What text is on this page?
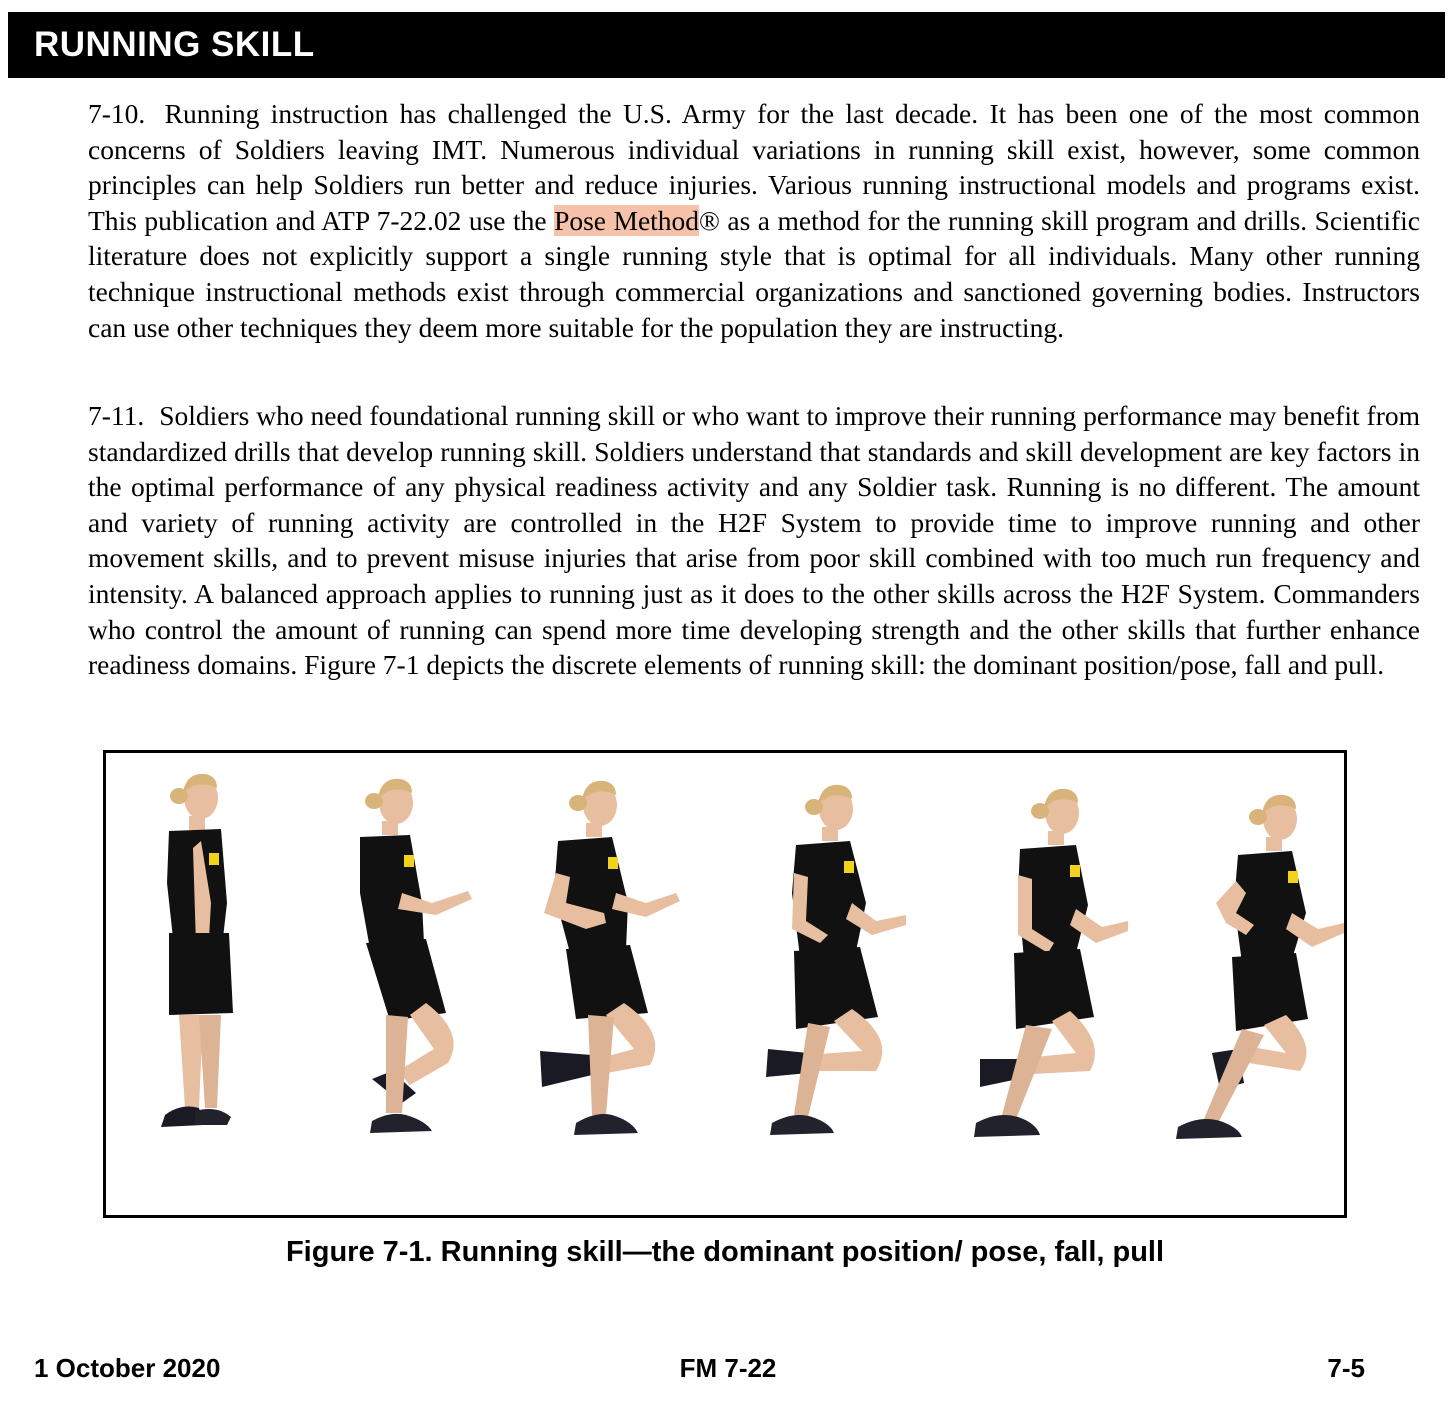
RUNNING SKILL

7-10. Running instruction has challenged the U.S. Army for the last decade. It has been one of the most common concerns of Soldiers leaving IMT. Numerous individual variations in running skill exist, however, some common principles can help Soldiers run better and reduce injuries. Various running instructional models and programs exist. This publication and ATP 7-22.02 use the Pose Method® as a method for the running skill program and drills. Scientific literature does not explicitly support a single running style that is optimal for all individuals. Many other running technique instructional methods exist through commercial organizations and sanctioned governing bodies. Instructors can use other techniques they deem more suitable for the population they are instructing.

7-11. Soldiers who need foundational running skill or who want to improve their running performance may benefit from standardized drills that develop running skill. Soldiers understand that standards and skill development are key factors in the optimal performance of any physical readiness activity and any Soldier task. Running is no different. The amount and variety of running activity are controlled in the H2F System to provide time to improve running and other movement skills, and to prevent misuse injuries that arise from poor skill combined with too much run frequency and intensity. A balanced approach applies to running just as it does to the other skills across the H2F System. Commanders who control the amount of running can spend more time developing strength and the other skills that further enhance readiness domains. Figure 7-1 depicts the discrete elements of running skill: the dominant position/pose, fall and pull.

Figure 7-1. Running skill—the dominant position/ pose, fall, pull
1 October 2020	FM 7-22	7-5
